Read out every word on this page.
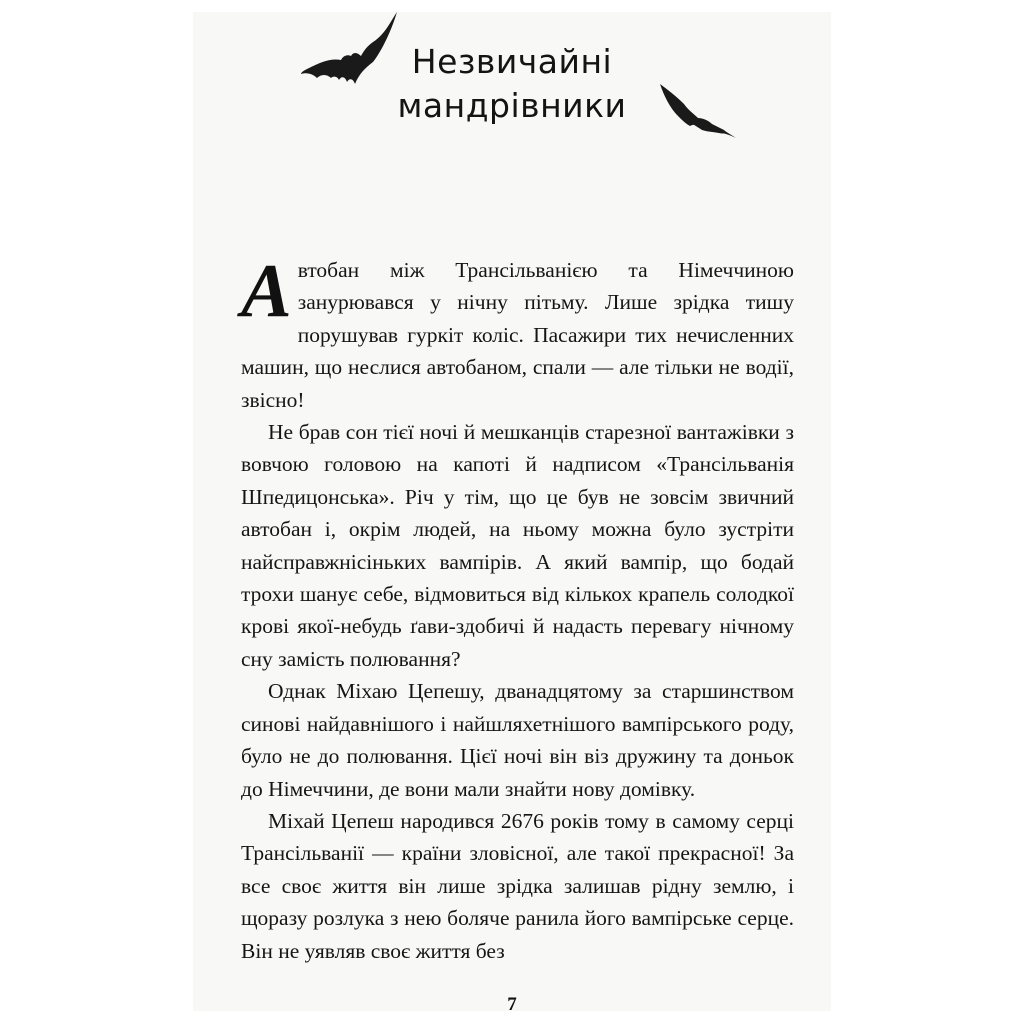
Незвичайні
мандрівники

Автобан між Трансільванією та Німеччиною занурювався у нічну пітьму. Лише зрідка тишу порушував гуркіт коліс. Пасажири тих нечисленних машин, що неслися автобаном, спали — але тільки не водії, звісно!

Не брав сон тієї ночі й мешканців старезної вантажівки з вовчою головою на капоті й надписом «Трансільванія Шпедицонська». Річ у тім, що це був не зовсім звичний автобан і, окрім людей, на ньому можна було зустріти найсправжнісіньких вампірів. А який вампір, що бодай трохи шанує себе, відмовиться від кількох крапель солодкої крові якої-небудь ґави-здобичі й надасть перевагу нічному сну замість полювання?

Однак Міхаю Цепешу, дванадцятому за старшинством синові найдавнішого і найшляхетнішого вампірського роду, було не до полювання. Цієї ночі він віз дружину та доньок до Німеччини, де вони мали знайти нову домівку.

Міхай Цепеш народився 2676 років тому в самому серці Трансільванії — країни зловісної, але такої прекрасної! За все своє життя він лише зрідка залишав рідну землю, і щоразу розлука з нею боляче ранила його вампірське серце. Він не уявляв своє життя без

7
